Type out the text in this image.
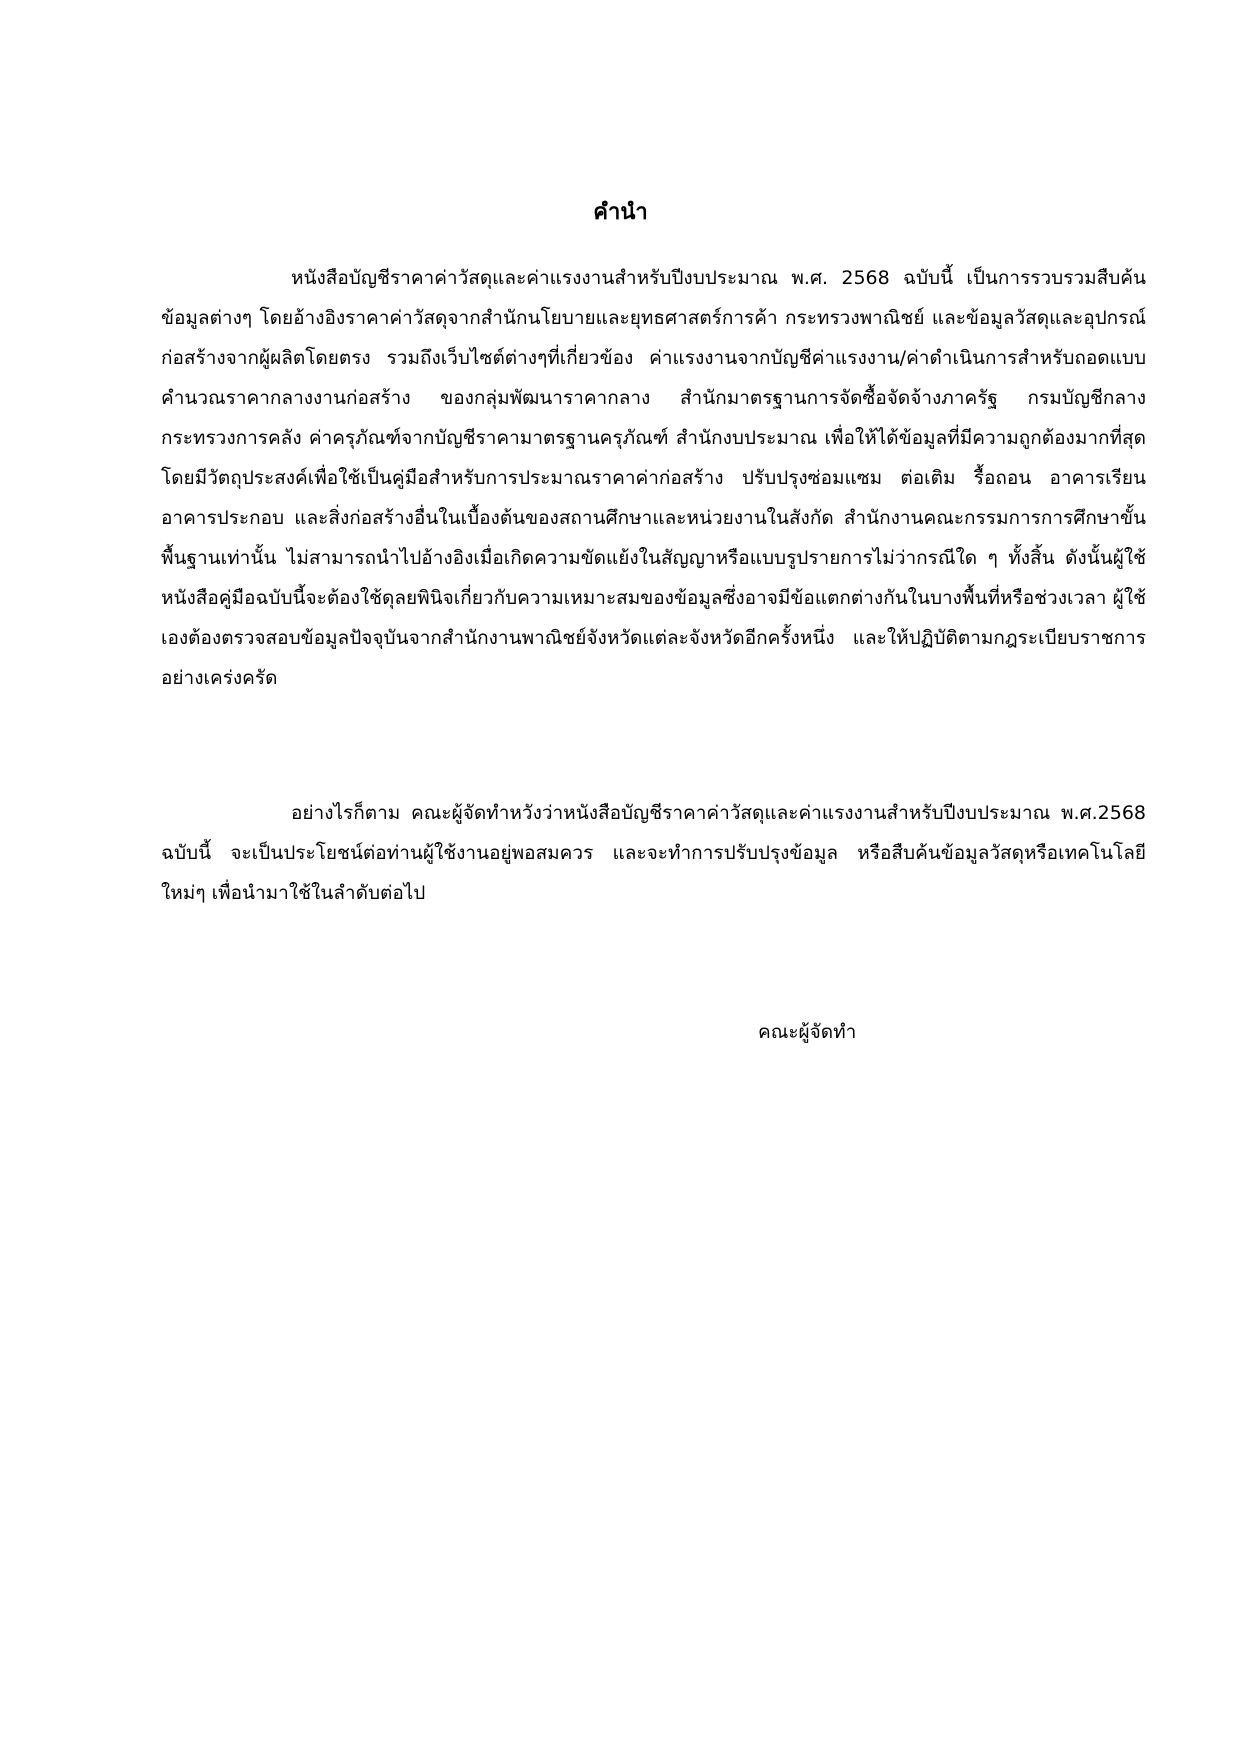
คำนำ

หนังสือบัญชีราคาค่าวัสดุและค่าแรงงานสำหรับปีงบประมาณ พ.ศ. 2568 ฉบับนี้ เป็นการรวบรวมสืบค้นข้อมูลต่างๆ โดยอ้างอิงราคาค่าวัสดุจากสำนักนโยบายและยุทธศาสตร์การค้า กระทรวงพาณิชย์ และข้อมูลวัสดุและอุปกรณ์ก่อสร้างจากผู้ผลิตโดยตรง รวมถึงเว็บไซต์ต่างๆที่เกี่ยวข้อง ค่าแรงงานจากบัญชีค่าแรงงาน/ค่าดำเนินการสำหรับถอดแบบคำนวณราคากลางงานก่อสร้าง ของกลุ่มพัฒนาราคากลาง สำนักมาตรฐานการจัดซื้อจัดจ้างภาครัฐ กรมบัญชีกลาง กระทรวงการคลัง ค่าครุภัณฑ์จากบัญชีราคามาตรฐานครุภัณฑ์ สำนักงบประมาณ เพื่อให้ได้ข้อมูลที่มีความถูกต้องมากที่สุด โดยมีวัตถุประสงค์เพื่อใช้เป็นคู่มือสำหรับการประมาณราคาค่าก่อสร้าง ปรับปรุงซ่อมแซม ต่อเติม รื้อถอน อาคารเรียน อาคารประกอบ และสิ่งก่อสร้างอื่นในเบื้องต้นของสถานศึกษาและหน่วยงานในสังกัด สำนักงานคณะกรรมการการศึกษาขั้นพื้นฐานเท่านั้น ไม่สามารถนำไปอ้างอิงเมื่อเกิดความขัดแย้งในสัญญาหรือแบบรูปรายการไม่ว่ากรณีใด ๆ ทั้งสิ้น ดังนั้นผู้ใช้หนังสือคู่มือฉบับนี้จะต้องใช้ดุลยพินิจเกี่ยวกับความเหมาะสมของข้อมูลซึ่งอาจมีข้อแตกต่างกันในบางพื้นที่หรือช่วงเวลา ผู้ใช้เองต้องตรวจสอบข้อมูลปัจจุบันจากสำนักงานพาณิชย์จังหวัดแต่ละจังหวัดอีกครั้งหนึ่ง และให้ปฏิบัติตามกฎระเบียบราชการอย่างเคร่งครัด

อย่างไรก็ตาม คณะผู้จัดทำหวังว่าหนังสือบัญชีราคาค่าวัสดุและค่าแรงงานสำหรับปีงบประมาณ พ.ศ.2568 ฉบับนี้ จะเป็นประโยชน์ต่อท่านผู้ใช้งานอยู่พอสมควร และจะทำการปรับปรุงข้อมูล หรือสืบค้นข้อมูลวัสดุหรือเทคโนโลยีใหม่ๆ เพื่อนำมาใช้ในลำดับต่อไป

คณะผู้จัดทำ
